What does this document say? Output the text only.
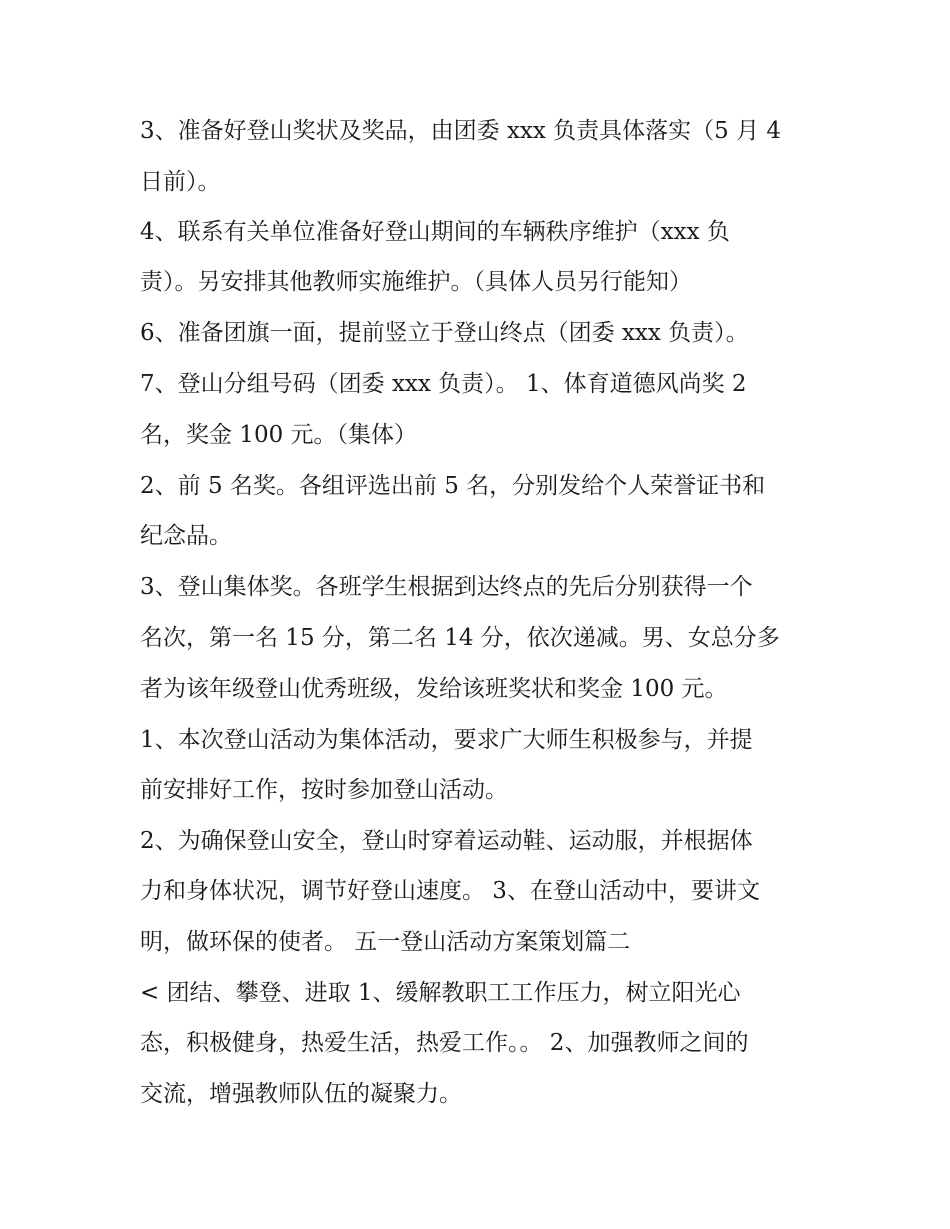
3、准备好登山奖状及奖品，由团委 xxx 负责具体落实（5 月 4
日前）。
4、联系有关单位准备好登山期间的车辆秩序维护（xxx 负
责）。另安排其他教师实施维护。（具体人员另行能知）
6、准备团旗一面，提前竖立于登山终点（团委 xxx 负责）。
7、登山分组号码（团委 xxx 负责）。 1、体育道德风尚奖 2
名，奖金 100 元。（集体）
2、前 5 名奖。各组评选出前 5 名，分别发给个人荣誉证书和
纪念品。
3、登山集体奖。各班学生根据到达终点的先后分别获得一个
名次，第一名 15 分，第二名 14 分，依次递减。男、女总分多
者为该年级登山优秀班级，发给该班奖状和奖金 100 元。
1、本次登山活动为集体活动，要求广大师生积极参与，并提
前安排好工作，按时参加登山活动。
2、为确保登山安全，登山时穿着运动鞋、运动服，并根据体
力和身体状况，调节好登山速度。 3、在登山活动中，要讲文
明，做环保的使者。 五一登山活动方案策划篇二
< 团结、攀登、进取 1、缓解教职工工作压力，树立阳光心
态，积极健身，热爱生活，热爱工作。。 2、加强教师之间的
交流，增强教师队伍的凝聚力。
